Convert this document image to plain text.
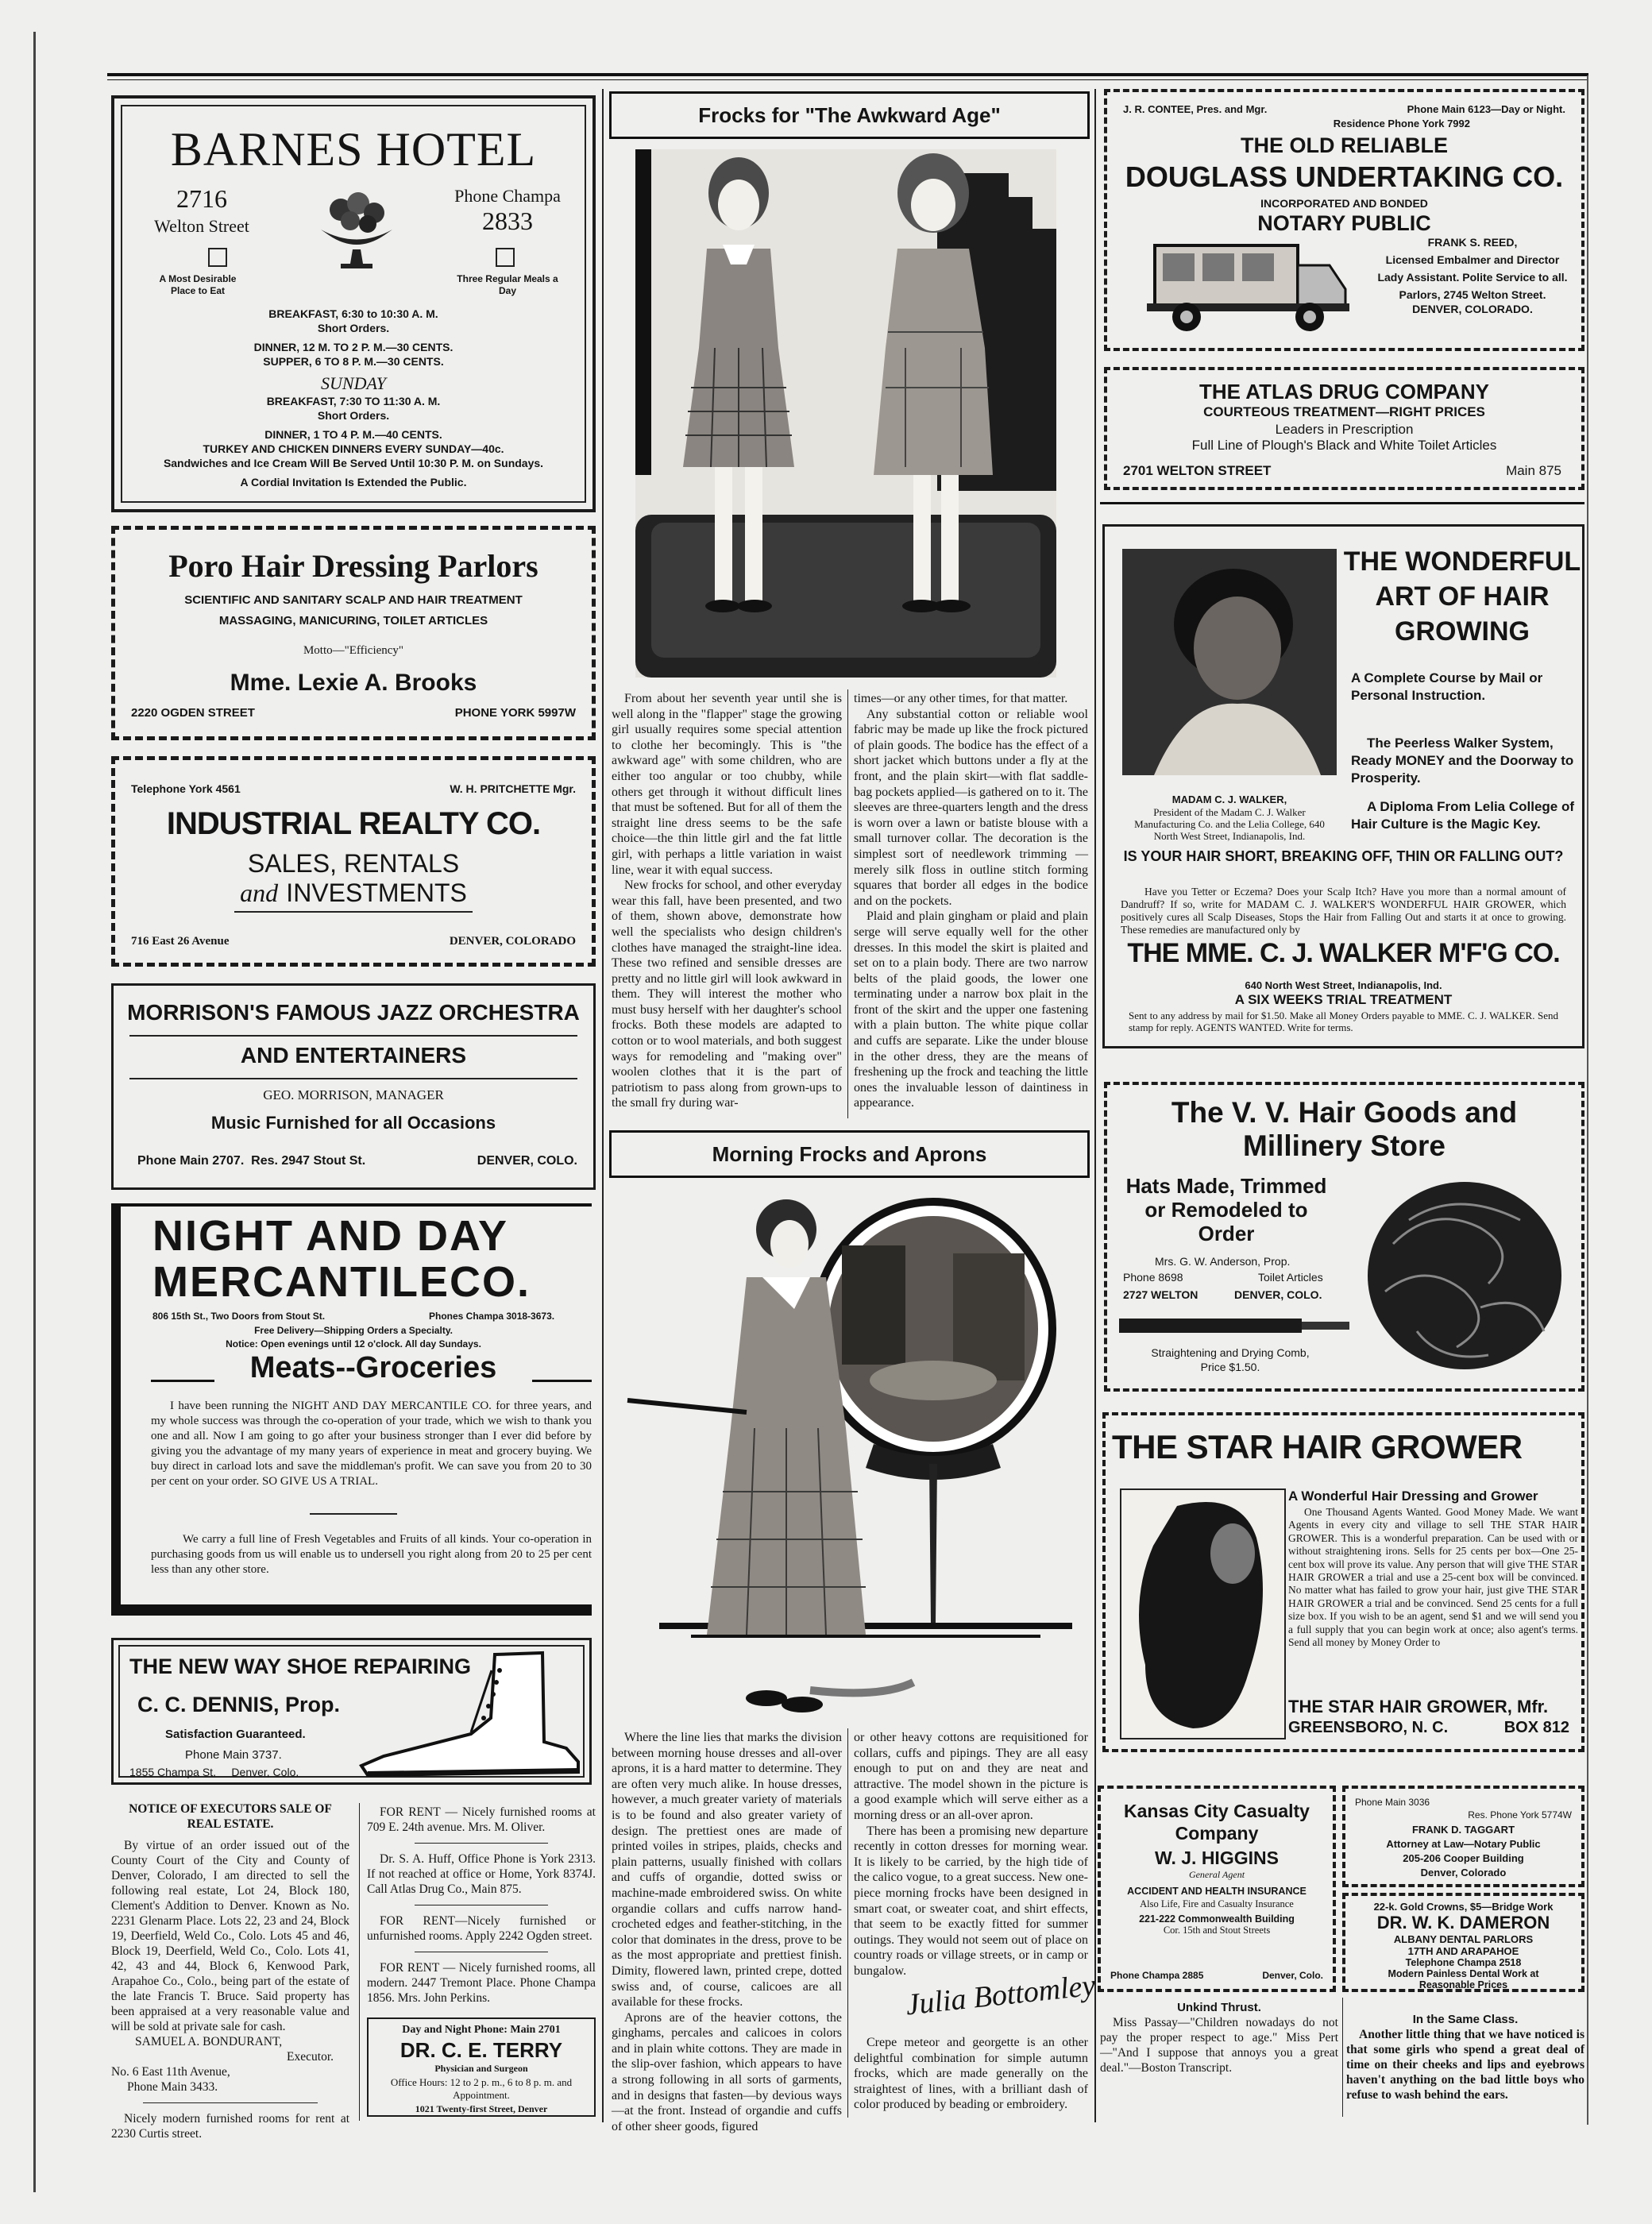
BARNES HOTEL
2716
Welton Street
Phone Champa
2833
A Most Desirable Place to Eat
Three Regular Meals a Day
BREAKFAST, 6:30 to 10:30 A. M.
Short Orders.
DINNER, 12 M. TO 2 P. M.—30 CENTS.
SUPPER, 6 TO 8 P. M.—30 CENTS.
SUNDAY
BREAKFAST, 7:30 TO 11:30 A. M.
Short Orders.
DINNER, 1 TO 4 P. M.—40 CENTS.
TURKEY AND CHICKEN DINNERS EVERY SUNDAY—40c.
Sandwiches and Ice Cream Will Be Served Until 10:30 P. M. on Sundays.
A Cordial Invitation Is Extended the Public.
Poro Hair Dressing Parlors
SCIENTIFIC AND SANITARY SCALP AND HAIR TREATMENT
MASSAGING, MANICURING, TOILET ARTICLES
Motto—"Efficiency"
Mme. Lexie A. Brooks
2220 OGDEN STREET	PHONE YORK 5997W
Telephone York 4561	W. H. PRITCHETTE Mgr.
INDUSTRIAL REALTY CO.
SALES, RENTALS
and INVESTMENTS
716 East 26 Avenue	DENVER, COLORADO
MORRISON'S FAMOUS JAZZ ORCHESTRA
AND ENTERTAINERS
GEO. MORRISON, MANAGER
Music Furnished for all Occasions
Phone Main 2707. Res. 2947 Stout St.	DENVER, COLO.
NIGHT AND DAY
MERCANTILECO.
806 15th St., Two Doors from Stout St.	Phones Champa 3018-3673.
Free Delivery—Shipping Orders a Specialty.
Notice: Open evenings until 12 o'clock. All day Sundays.
Meats--Groceries
I have been running the NIGHT AND DAY MERCANTILE CO. for three years, and my whole success was through the co-operation of your trade, which we wish to thank you one and all. Now I am going to go after your business stronger than I ever did before by giving you the advantage of my many years of experience in meat and grocery buying. We buy direct in carload lots and save the middleman's profit. We can save you from 20 to 30 per cent on your order. SO GIVE US A TRIAL.
We carry a full line of Fresh Vegetables and Fruits of all kinds. Your co-operation in purchasing goods from us will enable us to undersell you right along from 20 to 25 per cent less than any other store.
THE NEW WAY SHOE REPAIRING
C. C. DENNIS, Prop.
Satisfaction Guaranteed.
Phone Main 3737.
1855 Champa St. Denver, Colo.
NOTICE OF EXECUTORS SALE OF REAL ESTATE.
By virtue of an order issued out of the County Court of the City and County of Denver, Colorado, I am directed to sell the following real estate, Lot 24, Block 180, Clement's Addition to Denver. Known as No. 2231 Glenarm Place. Lots 22, 23 and 24, Block 19, Deerfield, Weld Co., Colo. Lots 45 and 46, Block 19, Deerfield, Weld Co., Colo. Lots 41, 42, 43 and 44, Block 6, Kenwood Park, Arapahoe Co., Colo., being part of the estate of the late Francis T. Bruce. Said property has been appraised at a very reasonable value and will be sold at private sale for cash.
SAMUEL A. BONDURANT,
Executor.
No. 6 East 11th Avenue,
Phone Main 3433.
Nicely modern furnished rooms for rent at 2230 Curtis street.
FOR RENT — Nicely furnished rooms at 709 E. 24th avenue. Mrs. M. Oliver.
Dr. S. A. Huff, Office Phone is York 2313. If not reached at office or Home, York 8374J. Call Atlas Drug Co., Main 875.
FOR RENT—Nicely furnished or unfurnished rooms. Apply 2242 Ogden street.
FOR RENT — Nicely furnished rooms, all modern. 2447 Tremont Place. Phone Champa 1856. Mrs. John Perkins.
Day and Night Phone: Main 2701
DR. C. E. TERRY
Physician and Surgeon
Office Hours: 12 to 2 p. m., 6 to 8 p. m. and Appointment.
1021 Twenty-first Street, Denver
Frocks for "The Awkward Age"

From about her seventh year until she is well along in the "flapper" stage the growing girl usually requires some special attention to clothe her becomingly. This is "the awkward age" with some children, who are either too angular or too chubby, while others get through it without difficult lines that must be softened. But for all of them the straight line dress seems to be the safe choice—the thin little girl and the fat little girl, with perhaps a little variation in waist line, wear it with equal success.

New frocks for school, and other everyday wear this fall, have been presented, and two of them, shown above, demonstrate how well the specialists who design children's clothes have managed the straight-line idea. These two refined and sensible dresses are pretty and no little girl will look awkward in them. They will interest the mother who must busy herself with her daughter's school frocks. Both these models are adapted to cotton or to wool materials, and both suggest ways for remodeling and "making over" woolen clothes that it is the part of patriotism to pass along from grown-ups to the small fry during war-

times—or any other times, for that matter.

Any substantial cotton or reliable wool fabric may be made up like the frock pictured of plain goods. The bodice has the effect of a short jacket which buttons under a fly at the front, and the plain skirt—with flat saddle-bag pockets applied—is gathered on to it. The sleeves are three-quarters length and the dress is worn over a lawn or batiste blouse with a small turnover collar. The decoration is the simplest sort of needlework trimming —merely silk floss in outline stitch forming squares that border all edges in the bodice and on the pockets.

Plaid and plain gingham or plaid and plain serge will serve equally well for the other dresses. In this model the skirt is plaited and set on to a plain body. There are two narrow belts of the plaid goods, the lower one terminating under a narrow box plait in the front of the skirt and the upper one fastening with a plain button. The white pique collar and cuffs are separate. Like the under blouse in the other dress, they are the means of freshening up the frock and teaching the little ones the invaluable lesson of daintiness in appearance.

Morning Frocks and Aprons

Where the line lies that marks the division between morning house dresses and all-over aprons, it is a hard matter to determine. They are often very much alike. In house dresses, however, a much greater variety of materials is to be found and also greater variety of design. The prettiest ones are made of printed voiles in stripes, plaids, checks and plain patterns, usually finished with collars and cuffs of organdie, dotted swiss or machine-made embroidered swiss. On white organdie collars and cuffs narrow hand-crocheted edges and feather-stitching, in the color that dominates in the dress, prove to be as the most appropriate and prettiest finish. Dimity, flowered lawn, printed crepe, dotted swiss and, of course, calicoes are all available for these frocks.

Aprons are of the heavier cottons, the ginghams, percales and calicoes in colors and in plain white cottons. They are made in the slip-over fashion, which appears to have a strong following in all sorts of garments, and in designs that fasten—by devious ways—at the front. Instead of organdie and cuffs of other sheer goods, figured

or other heavy cottons are requisitioned for collars, cuffs and pipings. They are all easy enough to put on and they are neat and attractive. The model shown in the picture is a good example which will serve either as a morning dress or an all-over apron.

There has been a promising new departure recently in cotton dresses for morning wear. It is likely to be carried, by the high tide of the calico vogue, to a great success. New one-piece morning frocks have been designed in smart coat, or sweater coat, and shirt effects, that seem to be exactly fitted for summer outings. They would not seem out of place on country roads or village streets, or in camp or bungalow.

Julia Bottomley

Crepe meteor and georgette is an other delightful combination for simple autumn frocks, which are made generally on the straightest of lines, with a brilliant dash of color produced by beading or embroidery.

J. R. CONTEE, Pres. and Mgr.	Phone Main 6123—Day or Night.
Residence Phone York 7992
THE OLD RELIABLE
DOUGLASS UNDERTAKING CO.
INCORPORATED AND BONDED
NOTARY PUBLIC
FRANK S. REED,
Licensed Embalmer and Director
Lady Assistant. Polite Service to all.
Parlors, 2745 Welton Street.
DENVER, COLORADO.
THE ATLAS DRUG COMPANY
COURTEOUS TREATMENT—RIGHT PRICES
Leaders in Prescription
Full Line of Plough's Black and White Toilet Articles
2701 WELTON STREET	Main 875
THE WONDERFUL
ART OF HAIR
GROWING
A Complete Course by Mail or Personal Instruction.
The Peerless Walker System, Ready MONEY and the Doorway to Prosperity.
A Diploma From Lelia College of Hair Culture is the Magic Key.
MADAM C. J. WALKER,
President of the Madam C. J. Walker Manufacturing Co. and the Lelia College, 640 North West Street, Indianapolis, Ind.
IS YOUR HAIR SHORT, BREAKING OFF, THIN OR FALLING OUT?
Have you Tetter or Eczema? Does your Scalp Itch? Have you more than a normal amount of Dandruff? If so, write for MADAM C. J. WALKER'S WONDERFUL HAIR GROWER, which positively cures all Scalp Diseases, Stops the Hair from Falling Out and starts it at once to growing. These remedies are manufactured only by
THE MME. C. J. WALKER M'F'G CO.
640 North West Street, Indianapolis, Ind.
A SIX WEEKS TRIAL TREATMENT
Sent to any address by mail for $1.50. Make all Money Orders payable to MME. C. J. WALKER. Send stamp for reply. AGENTS WANTED. Write for terms.
The V. V. Hair Goods and
Millinery Store
Hats Made, Trimmed
or Remodeled to
Order
Mrs. G. W. Anderson, Prop.
Phone 8698	Toilet Articles
2727 WELTON	DENVER, COLO.
Straightening and Drying Comb,
Price $1.50.
THE STAR HAIR GROWER
A Wonderful Hair Dressing and Grower
One Thousand Agents Wanted. Good Money Made. We want Agents in every city and village to sell THE STAR HAIR GROWER. This is a wonderful preparation. Can be used with or without straightening irons. Sells for 25 cents per box—One 25-cent box will prove its value. Any person that will give THE STAR HAIR GROWER a trial and use a 25-cent box will be convinced. No matter what has failed to grow your hair, just give THE STAR HAIR GROWER a trial and be convinced. Send 25 cents for a full size box. If you wish to be an agent, send $1 and we will send you a full supply that you can begin work at once; also agent's terms. Send all money by Money Order to
THE STAR HAIR GROWER, Mfr.
GREENSBORO, N. C.	BOX 812
Kansas City Casualty
Company
W. J. HIGGINS
General Agent
ACCIDENT AND HEALTH INSURANCE
Also Life, Fire and Casualty Insurance
221-222 Commonwealth Building
Cor. 15th and Stout Streets
Phone Champa 2885	Denver, Colo.
Phone Main 3036
Res. Phone York 5774W
FRANK D. TAGGART
Attorney at Law—Notary Public
205-206 Cooper Building
Denver, Colorado
22-k. Gold Crowns, $5—Bridge Work
DR. W. K. DAMERON
ALBANY DENTAL PARLORS
17TH AND ARAPAHOE
Telephone Champa 2518
Modern Painless Dental Work at Reasonable Prices
Unkind Thrust.
Miss Passay—"Children nowadays do not pay the proper respect to age." Miss Pert—"And I suppose that annoys you a great deal."—Boston Transcript.
In the Same Class.
Another little thing that we have noticed is that some girls who spend a great deal of time on their cheeks and lips and eyebrows haven't anything on the bad little boys who refuse to wash behind the ears.
